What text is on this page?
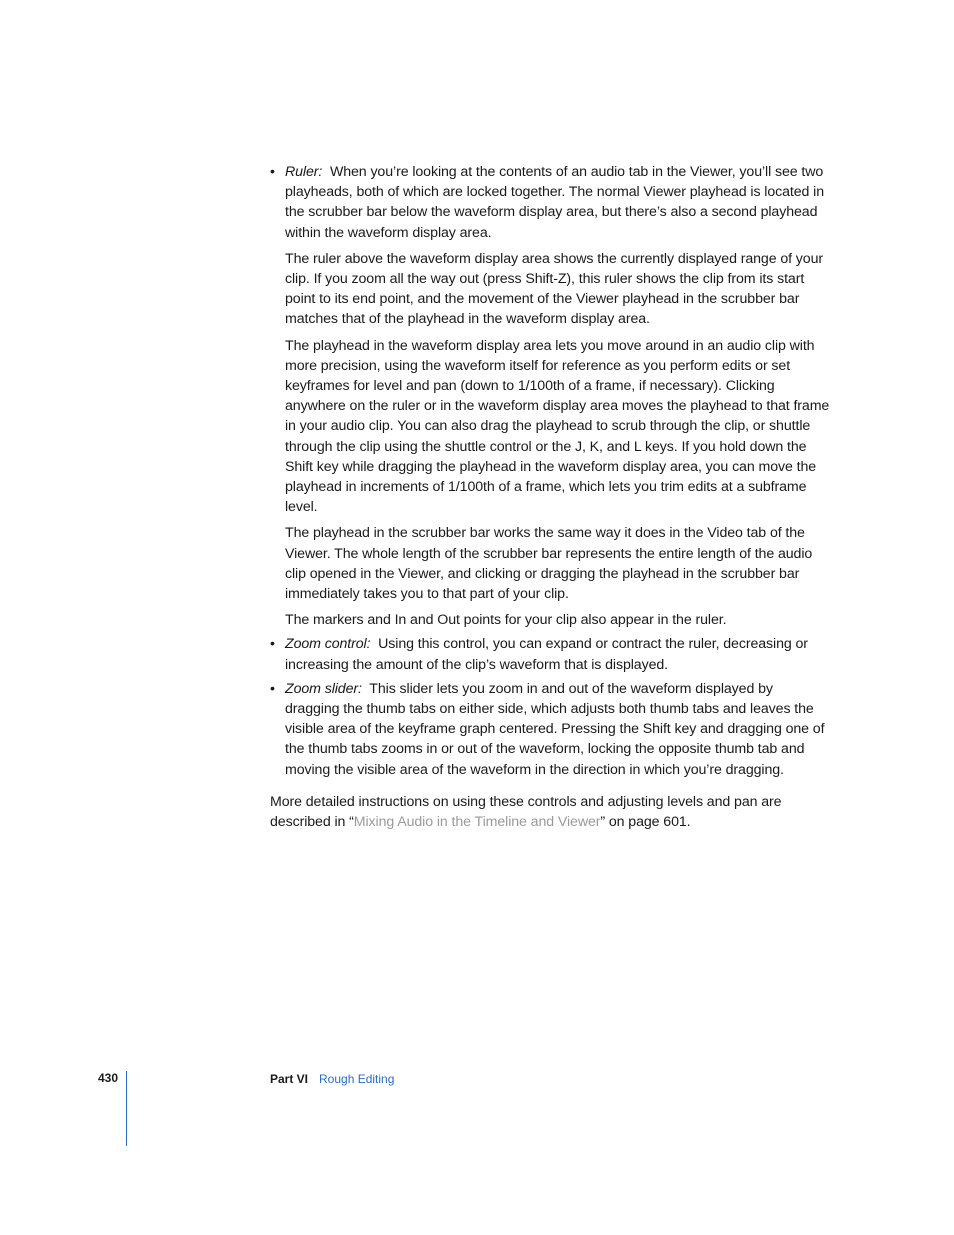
• Ruler: When you’re looking at the contents of an audio tab in the Viewer, you’ll see two playheads, both of which are locked together. The normal Viewer playhead is located in the scrubber bar below the waveform display area, but there’s also a second playhead within the waveform display area.

The ruler above the waveform display area shows the currently displayed range of your clip. If you zoom all the way out (press Shift-Z), this ruler shows the clip from its start point to its end point, and the movement of the Viewer playhead in the scrubber bar matches that of the playhead in the waveform display area.

The playhead in the waveform display area lets you move around in an audio clip with more precision, using the waveform itself for reference as you perform edits or set keyframes for level and pan (down to 1/100th of a frame, if necessary). Clicking anywhere on the ruler or in the waveform display area moves the playhead to that frame in your audio clip. You can also drag the playhead to scrub through the clip, or shuttle through the clip using the shuttle control or the J, K, and L keys. If you hold down the Shift key while dragging the playhead in the waveform display area, you can move the playhead in increments of 1/100th of a frame, which lets you trim edits at a subframe level.

The playhead in the scrubber bar works the same way it does in the Video tab of the Viewer. The whole length of the scrubber bar represents the entire length of the audio clip opened in the Viewer, and clicking or dragging the playhead in the scrubber bar immediately takes you to that part of your clip.

The markers and In and Out points for your clip also appear in the ruler.

• Zoom control: Using this control, you can expand or contract the ruler, decreasing or increasing the amount of the clip’s waveform that is displayed.

• Zoom slider: This slider lets you zoom in and out of the waveform displayed by dragging the thumb tabs on either side, which adjusts both thumb tabs and leaves the visible area of the keyframe graph centered. Pressing the Shift key and dragging one of the thumb tabs zooms in or out of the waveform, locking the opposite thumb tab and moving the visible area of the waveform in the direction in which you’re dragging.

More detailed instructions on using these controls and adjusting levels and pan are described in “Mixing Audio in the Timeline and Viewer” on page 601.

430	Part VI Rough Editing
